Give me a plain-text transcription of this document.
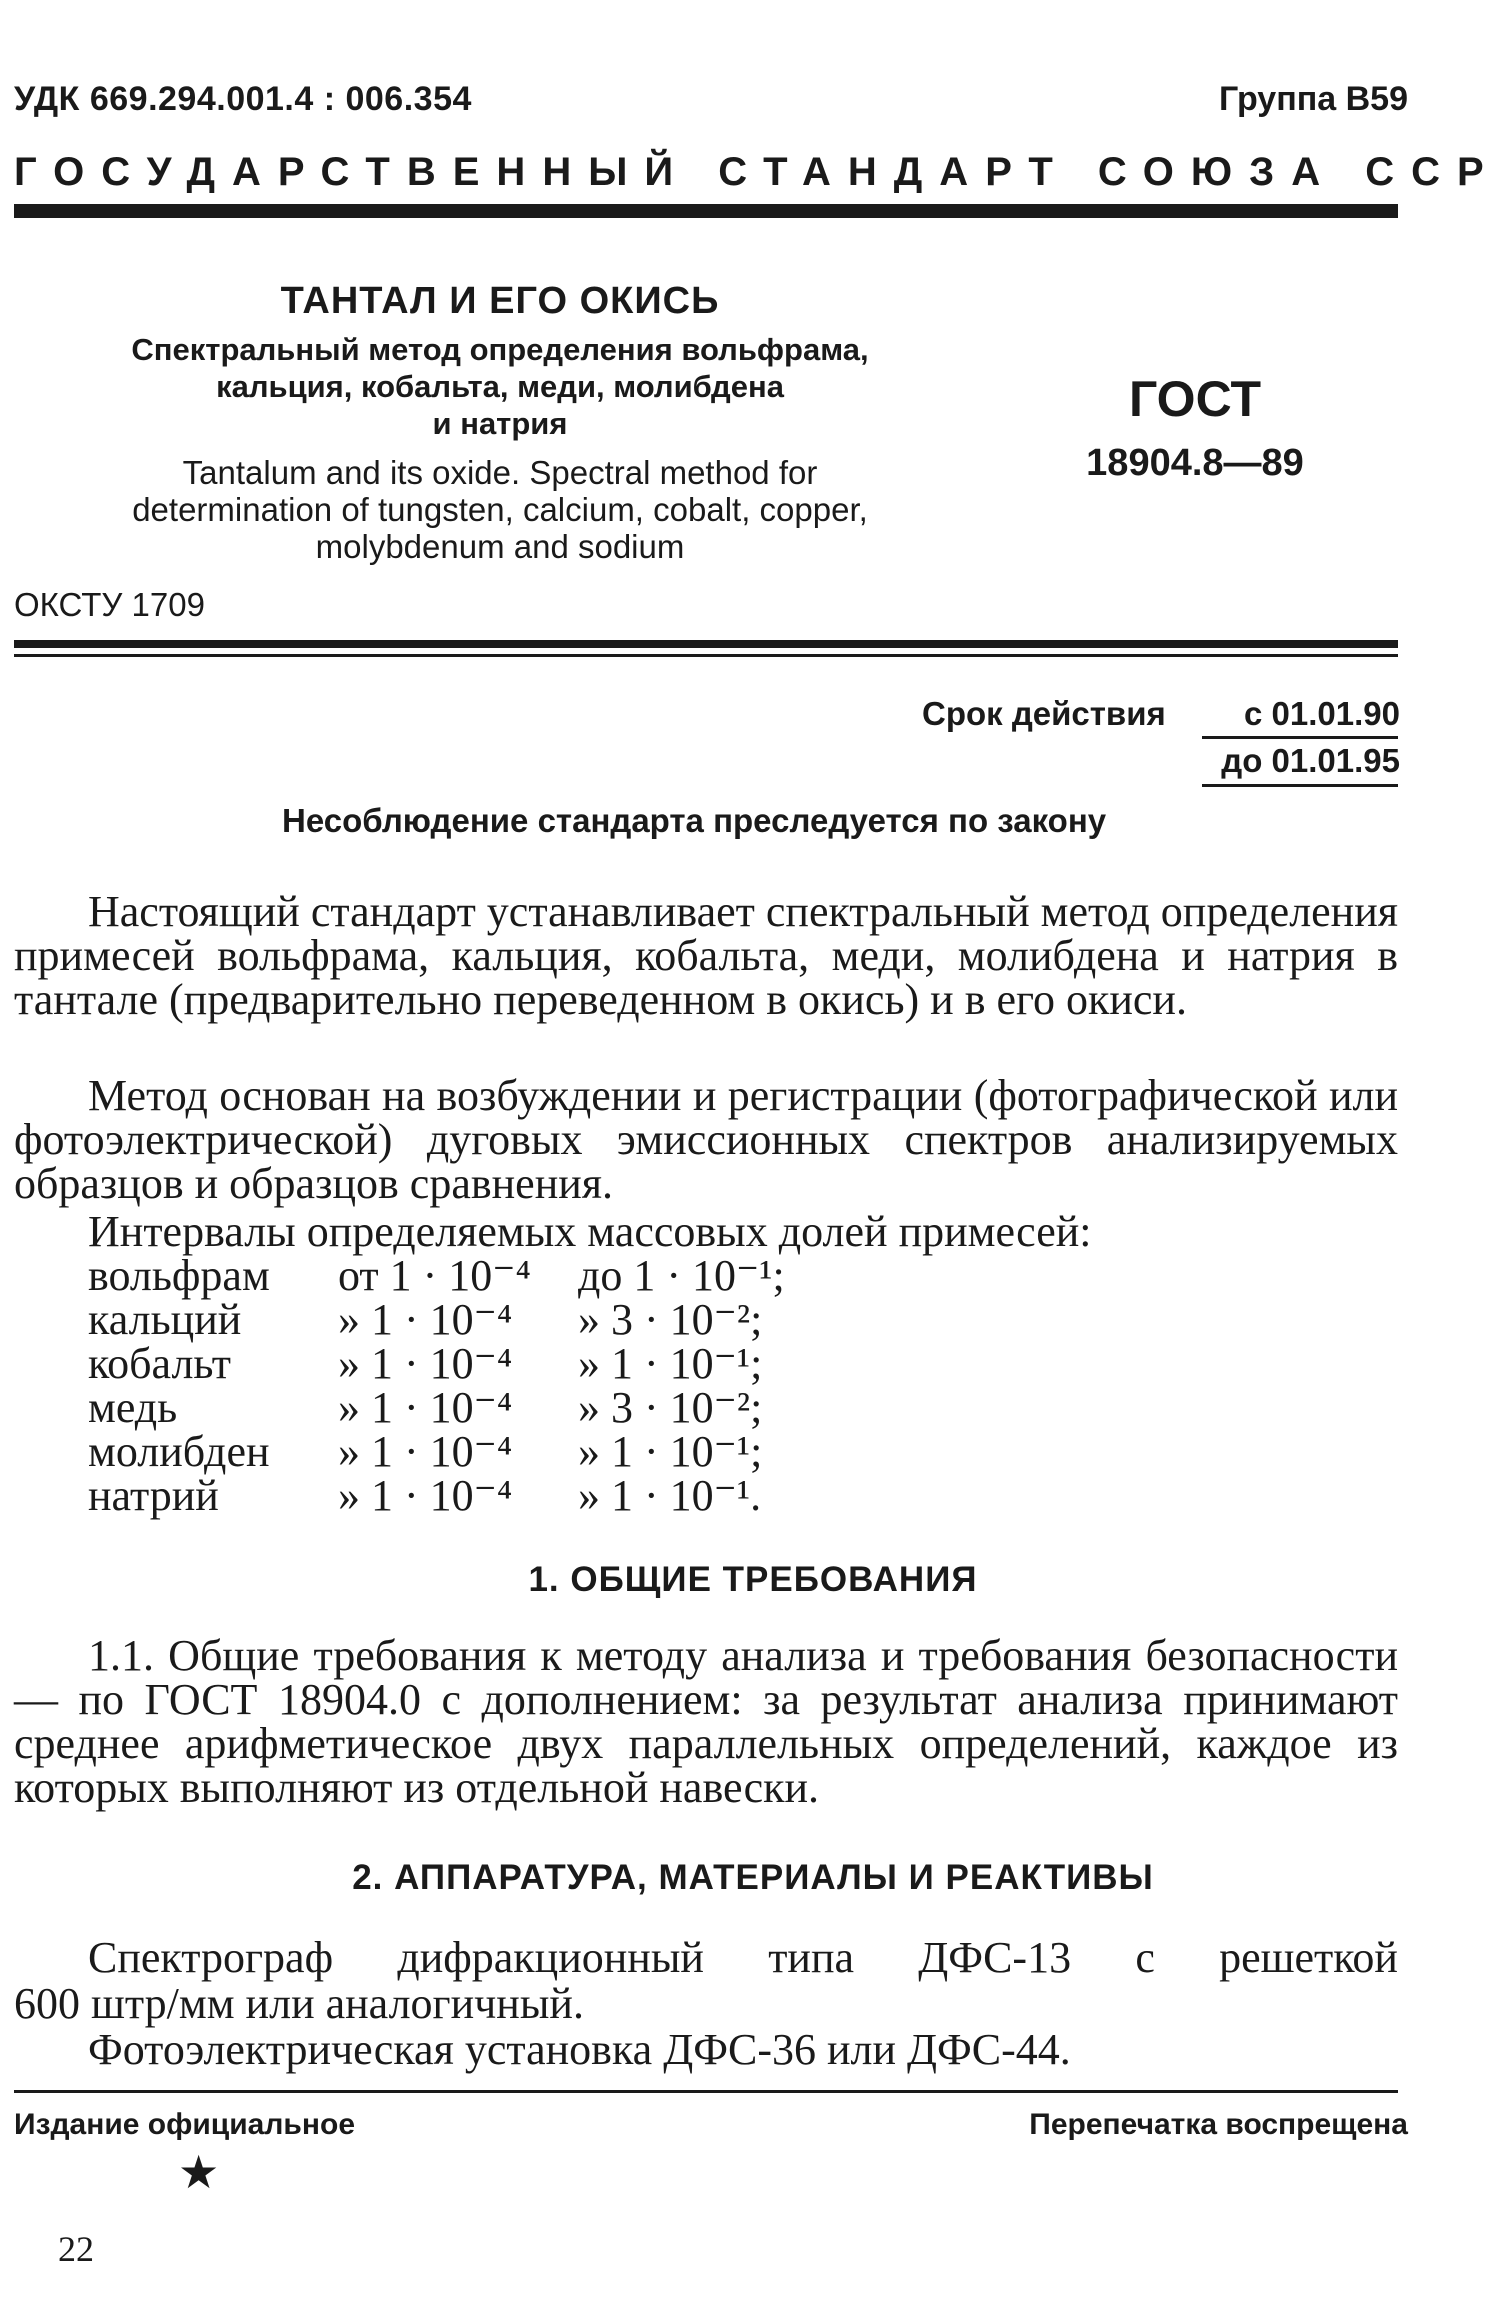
УДК 669.294.001.4 : 006.354	Группа В59
ГОСУДАРСТВЕННЫЙ СТАНДАРТ СОЮЗА ССР
ТАНТАЛ И ЕГО ОКИСЬ
Спектральный метод определения вольфрама,
кальция, кобальта, меди, молибдена
и натрия
Tantalum and its oxide. Spectral method for
determination of tungsten, calcium, cobalt, copper,
molybdenum and sodium
ГОСТ
18904.8—89
ОКСТУ 1709
Срок действия	с 01.01.90
до 01.01.95
Несоблюдение стандарта преследуется по закону
Настоящий стандарт устанавливает спектральный метод определения примесей вольфрама, кальция, кобальта, меди, молибдена и натрия в тантале (предварительно переведенном в окись) и в его окиси.
Метод основан на возбуждении и регистрации (фотографической или фотоэлектрической) дуговых эмиссионных спектров анализируемых образцов и образцов сравнения.
Интервалы определяемых массовых долей примесей:
вольфрам от 1 · 10⁻⁴ до 1 · 10⁻¹;
кальций » 1 · 10⁻⁴ » 3 · 10⁻²;
кобальт » 1 · 10⁻⁴ » 1 · 10⁻¹;
медь	» 1 · 10⁻⁴ » 3 · 10⁻²;
молибден » 1 · 10⁻⁴ » 1 · 10⁻¹;
натрий	» 1 · 10⁻⁴ » 1 · 10⁻¹.
1. ОБЩИЕ ТРЕБОВАНИЯ
1.1. Общие требования к методу анализа и требования безопасности — по ГОСТ 18904.0 с дополнением: за результат анализа принимают среднее арифметическое двух параллельных определений, каждое из которых выполняют из отдельной навески.
2. АППАРАТУРА, МАТЕРИАЛЫ И РЕАКТИВЫ
Спектрограф дифракционный типа ДФС-13 с решеткой
600 штр/мм или аналогичный.
Фотоэлектрическая установка ДФС-36 или ДФС-44.
Издание официальное	Перепечатка воспрещена
★
22
